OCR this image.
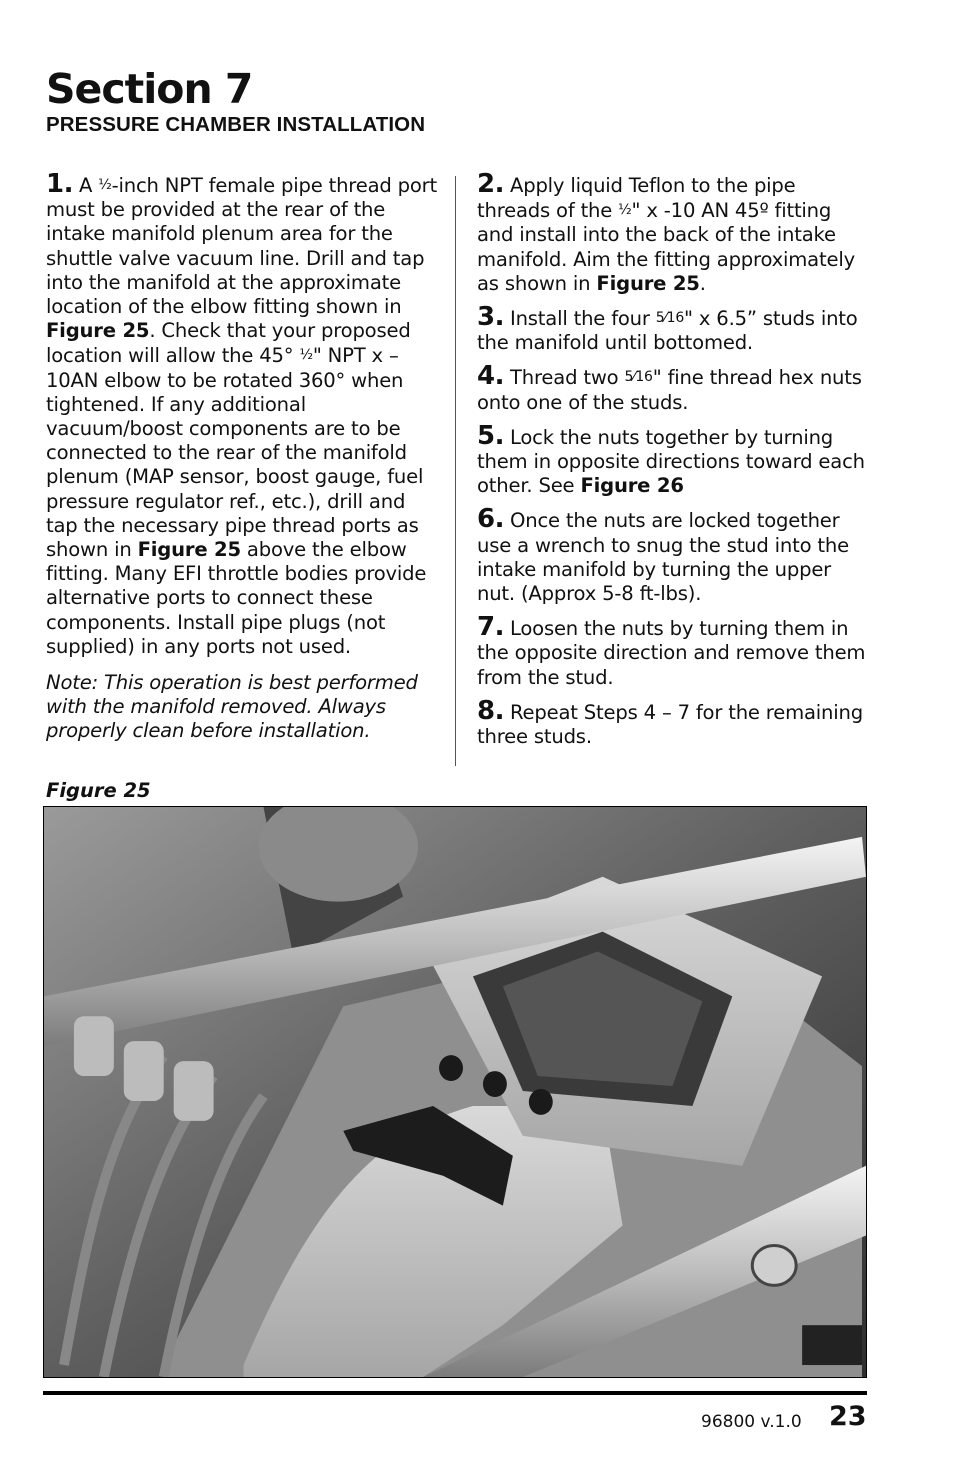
Section 7
PRESSURE CHAMBER INSTALLATION

1. A ½-inch NPT female pipe thread port must be provided at the rear of the intake manifold plenum area for the shuttle valve vacuum line. Drill and tap into the manifold at the approximate location of the elbow fitting shown in Figure 25. Check that your proposed location will allow the 45° ½" NPT x –10AN elbow to be rotated 360° when tightened. If any additional vacuum/boost components are to be connected to the rear of the manifold plenum (MAP sensor, boost gauge, fuel pressure regulator ref., etc.), drill and tap the necessary pipe thread ports as shown in Figure 25 above the elbow fitting. Many EFI throttle bodies provide alternative ports to connect these components. Install pipe plugs (not supplied) in any ports not used.

Note: This operation is best performed with the manifold removed. Always properly clean before installation.

2. Apply liquid Teflon to the pipe threads of the ½" x -10 AN 45º fitting and install into the back of the intake manifold. Aim the fitting approximately as shown in Figure 25.

3. Install the four 5⁄16" x 6.5” studs into the manifold until bottomed.

4. Thread two 5⁄16" fine thread hex nuts onto one of the studs.

5. Lock the nuts together by turning them in opposite directions toward each other. See Figure 26

6. Once the nuts are locked together use a wrench to snug the stud into the intake manifold by turning the upper nut. (Approx 5-8 ft-lbs).

7. Loosen the nuts by turning them in the opposite direction and remove them from the stud.

8. Repeat Steps 4 – 7 for the remaining three studs.

Figure 25
96800 v.1.0 23
